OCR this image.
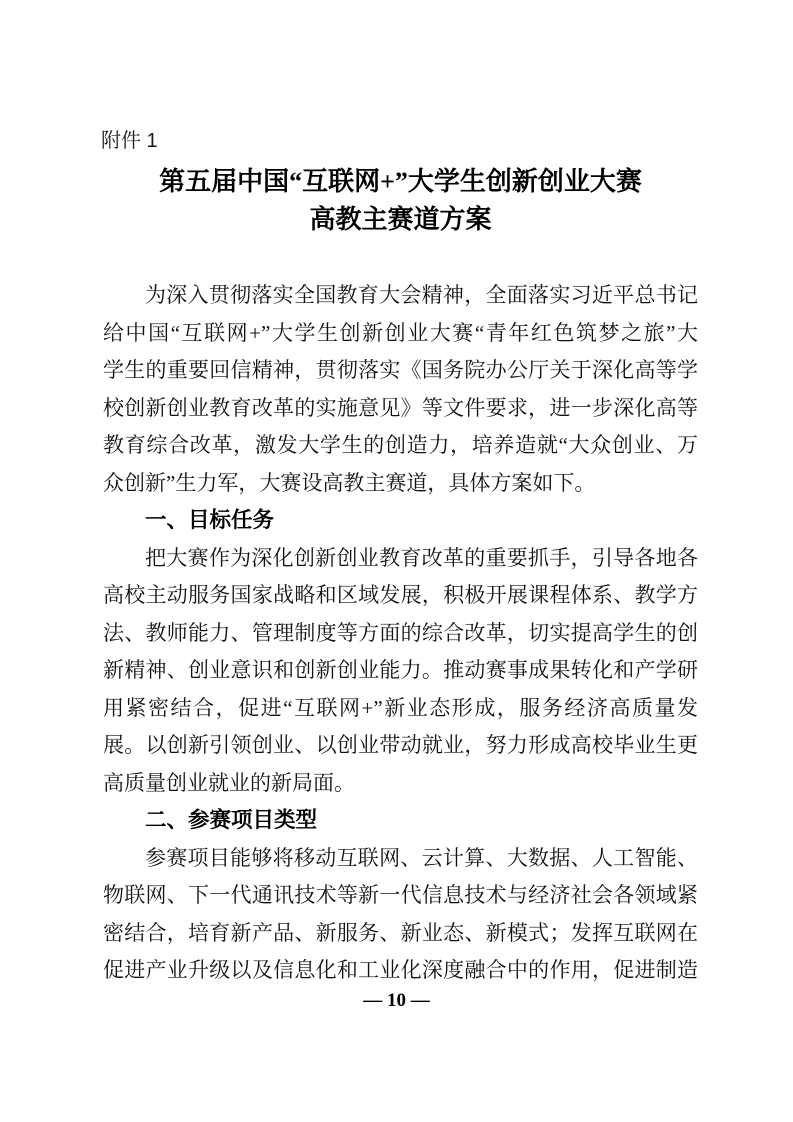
附件 1
第五届中国“互联网+”大学生创新创业大赛
高教主赛道方案
为深入贯彻落实全国教育大会精神，全面落实习近平总书记
给中国“互联网+”大学生创新创业大赛“青年红色筑梦之旅”大
学生的重要回信精神，贯彻落实《国务院办公厅关于深化高等学
校创新创业教育改革的实施意见》等文件要求，进一步深化高等
教育综合改革，激发大学生的创造力，培养造就“大众创业、万
众创新”生力军，大赛设高教主赛道，具体方案如下。
一、目标任务
把大赛作为深化创新创业教育改革的重要抓手，引导各地各
高校主动服务国家战略和区域发展，积极开展课程体系、教学方
法、教师能力、管理制度等方面的综合改革，切实提高学生的创
新精神、创业意识和创新创业能力。推动赛事成果转化和产学研
用紧密结合，促进“互联网+”新业态形成，服务经济高质量发
展。以创新引领创业、以创业带动就业，努力形成高校毕业生更
高质量创业就业的新局面。
二、参赛项目类型
参赛项目能够将移动互联网、云计算、大数据、人工智能、
物联网、下一代通讯技术等新一代信息技术与经济社会各领域紧
密结合，培育新产品、新服务、新业态、新模式；发挥互联网在
促进产业升级以及信息化和工业化深度融合中的作用，促进制造
— 10 —
